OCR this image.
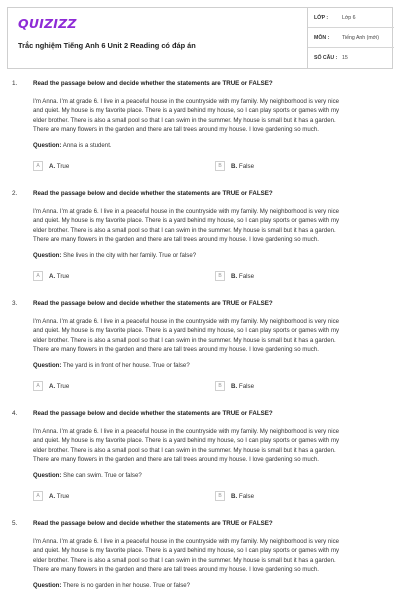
QUIZIZZ
Trắc nghiệm Tiếng Anh 6 Unit 2 Reading có đáp án
LỚP :	Lớp 6
MÔN :	Tiếng Anh (mới)
SỐ CÂU : 15
1.	Read the passage below and decide whether the statements are TRUE or FALSE?
I'm Anna. I'm at grade 6. I live in a peaceful house in the countryside with my family. My neighborhood is very nice
and quiet. My house is my favorite place. There is a yard behind my house, so I can play sports or games with my
elder brother. There is also a small pool so that I can swim in the summer. My house is small but it has a garden.
There are many flowers in the garden and there are tall trees around my house. I love gardening so much.
Question: Anna is a student.
A	A. True	B	B. False
2.	Read the passage below and decide whether the statements are TRUE or FALSE?
I'm Anna. I'm at grade 6. I live in a peaceful house in the countryside with my family. My neighborhood is very nice
and quiet. My house is my favorite place. There is a yard behind my house, so I can play sports or games with my
elder brother. There is also a small pool so that I can swim in the summer. My house is small but it has a garden.
There are many flowers in the garden and there are tall trees around my house. I love gardening so much.
Question: She lives in the city with her family. True or false?
A	A. True	B	B. False
3.	Read the passage below and decide whether the statements are TRUE or FALSE?
I'm Anna. I'm at grade 6. I live in a peaceful house in the countryside with my family. My neighborhood is very nice
and quiet. My house is my favorite place. There is a yard behind my house, so I can play sports or games with my
elder brother. There is also a small pool so that I can swim in the summer. My house is small but it has a garden.
There are many flowers in the garden and there are tall trees around my house. I love gardening so much.
Question: The yard is in front of her house. True or false?
A	A. True	B	B. False
4.	Read the passage below and decide whether the statements are TRUE or FALSE?
I'm Anna. I'm at grade 6. I live in a peaceful house in the countryside with my family. My neighborhood is very nice
and quiet. My house is my favorite place. There is a yard behind my house, so I can play sports or games with my
elder brother. There is also a small pool so that I can swim in the summer. My house is small but it has a garden.
There are many flowers in the garden and there are tall trees around my house. I love gardening so much.
Question: She can swim. True or false?
A	A. True	B	B. False
5.	Read the passage below and decide whether the statements are TRUE or FALSE?
I'm Anna. I'm at grade 6. I live in a peaceful house in the countryside with my family. My neighborhood is very nice
and quiet. My house is my favorite place. There is a yard behind my house, so I can play sports or games with my
elder brother. There is also a small pool so that I can swim in the summer. My house is small but it has a garden.
There are many flowers in the garden and there are tall trees around my house. I love gardening so much.
Question: There is no garden in her house. True or false?
